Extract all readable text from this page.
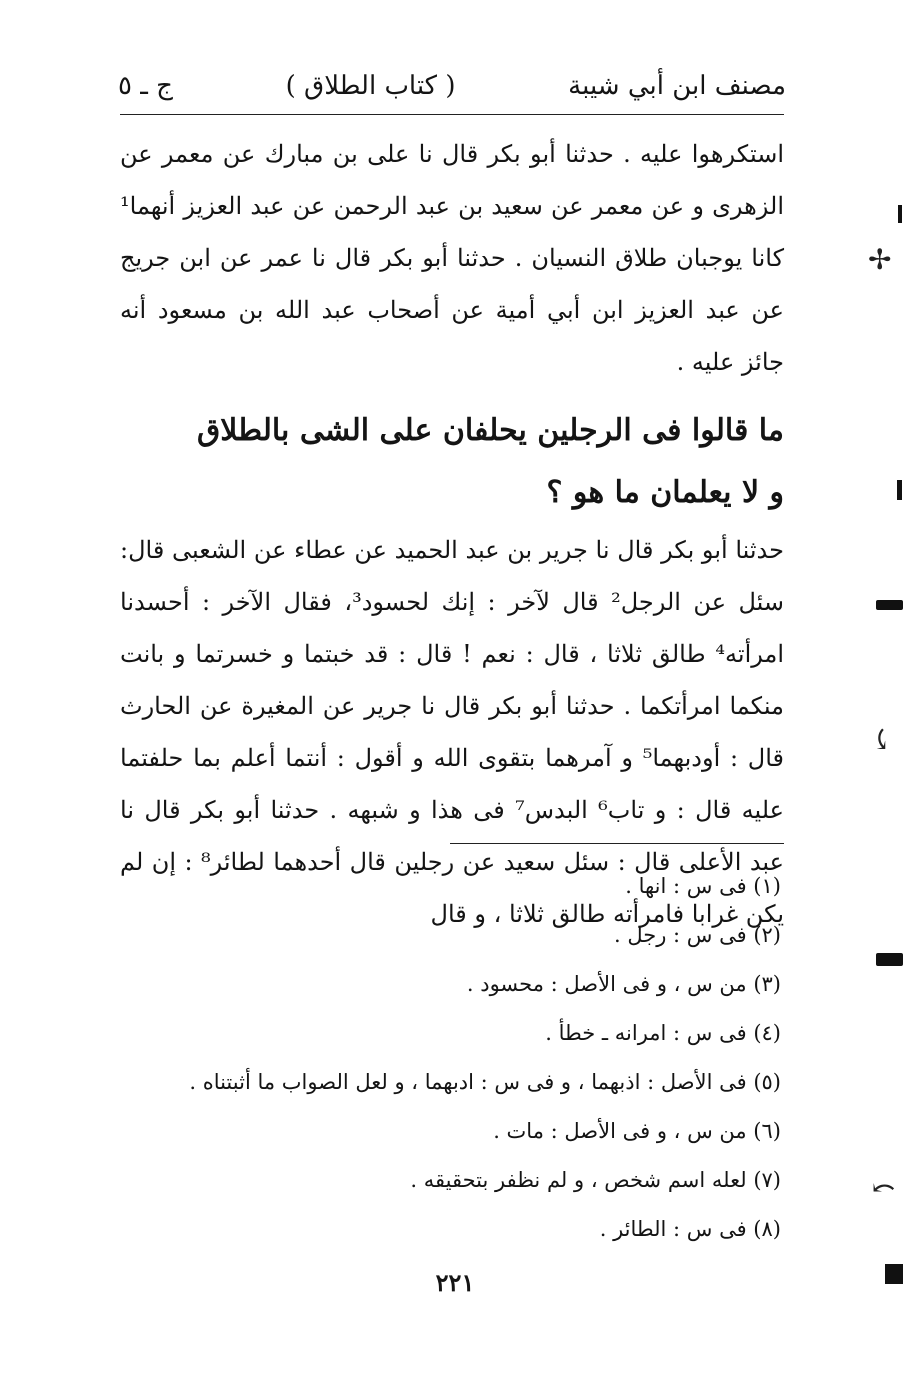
مصنف ابن أبي شيبة
( كتاب الطلاق )
ج ـ ٥

استكرهوا عليه . حدثنا أبو بكر قال نا على بن مبارك عن معمر عن الزهرى و عن معمر عن سعيد بن عبد الرحمن عن عبد العزيز أنهما¹ كانا يوجبان طلاق النسيان . حدثنا أبو بكر قال نا عمر عن ابن جريج عن عبد العزيز ابن أبي أمية عن أصحاب عبد الله بن مسعود أنه جائز عليه .

ما قالوا فى الرجلين يحلفان على الشى بالطلاق
و لا يعلمان ما هو ؟

حدثنا أبو بكر قال نا جرير بن عبد الحميد عن عطاء عن الشعبى قال: سئل عن الرجل² قال لآخر : إنك لحسود³، فقال الآخر : أحسدنا امرأته⁴ طالق ثلاثا ، قال : نعم ! قال : قد خبتما و خسرتما و بانت منكما امرأتكما . حدثنا أبو بكر قال نا جرير عن المغيرة عن الحارث قال : أودبهما⁵ و آمرهما بتقوى الله و أقول : أنتما أعلم بما حلفتما عليه قال : و تاب⁶ البدس⁷ فى هذا و شبهه . حدثنا أبو بكر قال نا عبد الأعلى قال : سئل سعيد عن رجلين قال أحدهما لطائر⁸ : إن لم يكن غرابا فامرأته طالق ثلاثا ، و قال

(١) فى س : انها .
(٢) فى س : رجل .
(٣) من س ، و فى الأصل : محسود .
(٤) فى س : امرانه ـ خطأ .
(٥) فى الأصل : اذبهما ، و فى س : ادبهما ، و لعل الصواب ما أثبتناه .
(٦) من س ، و فى الأصل : مات .
(٧) لعله اسم شخص ، و لم نظفر بتحقيقه .
(٨) فى س : الطائر .
٢٢١
✢
⤹
⤺
